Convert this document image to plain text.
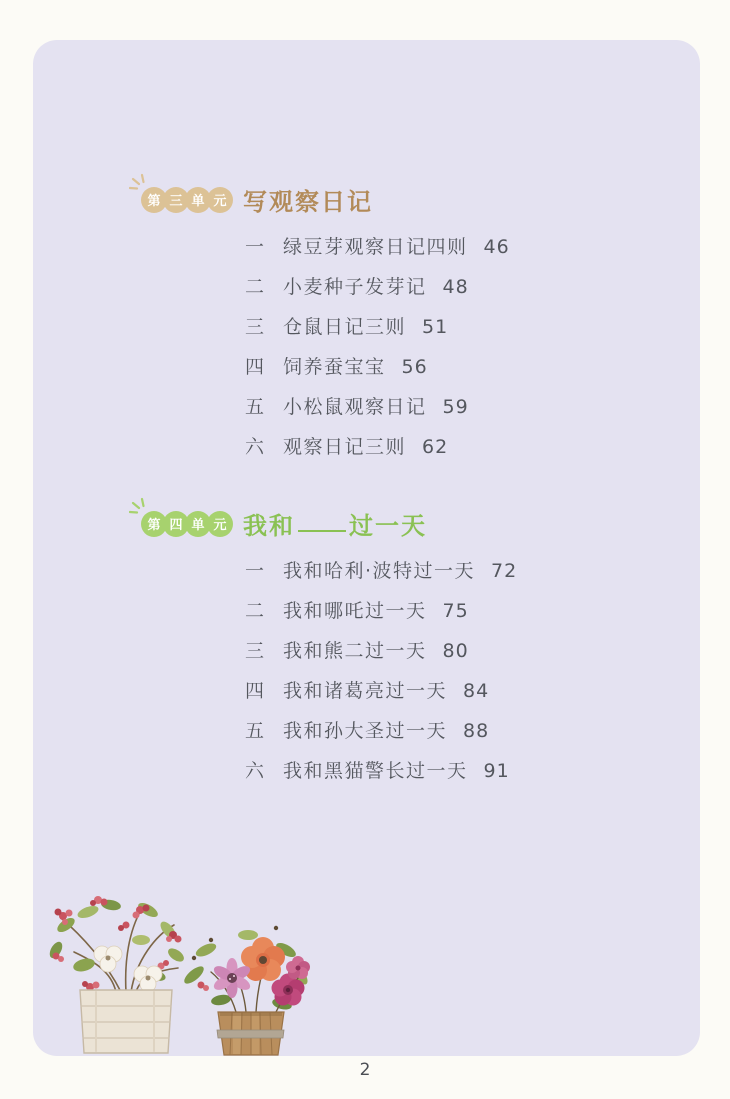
第 三 单 元 写观察日记
一 绿豆芽观察日记四则 46
二 小麦种子发芽记 48
三 仓鼠日记三则 51
四 饲养蚕宝宝 56
五 小松鼠观察日记 59
六 观察日记三则 62
第 四 单 元 我和 过一天
一 我和哈利·波特过一天 72
二 我和哪吒过一天 75
三 我和熊二过一天 80
四 我和诸葛亮过一天 84
五 我和孙大圣过一天 88
六 我和黑猫警长过一天 91
2
